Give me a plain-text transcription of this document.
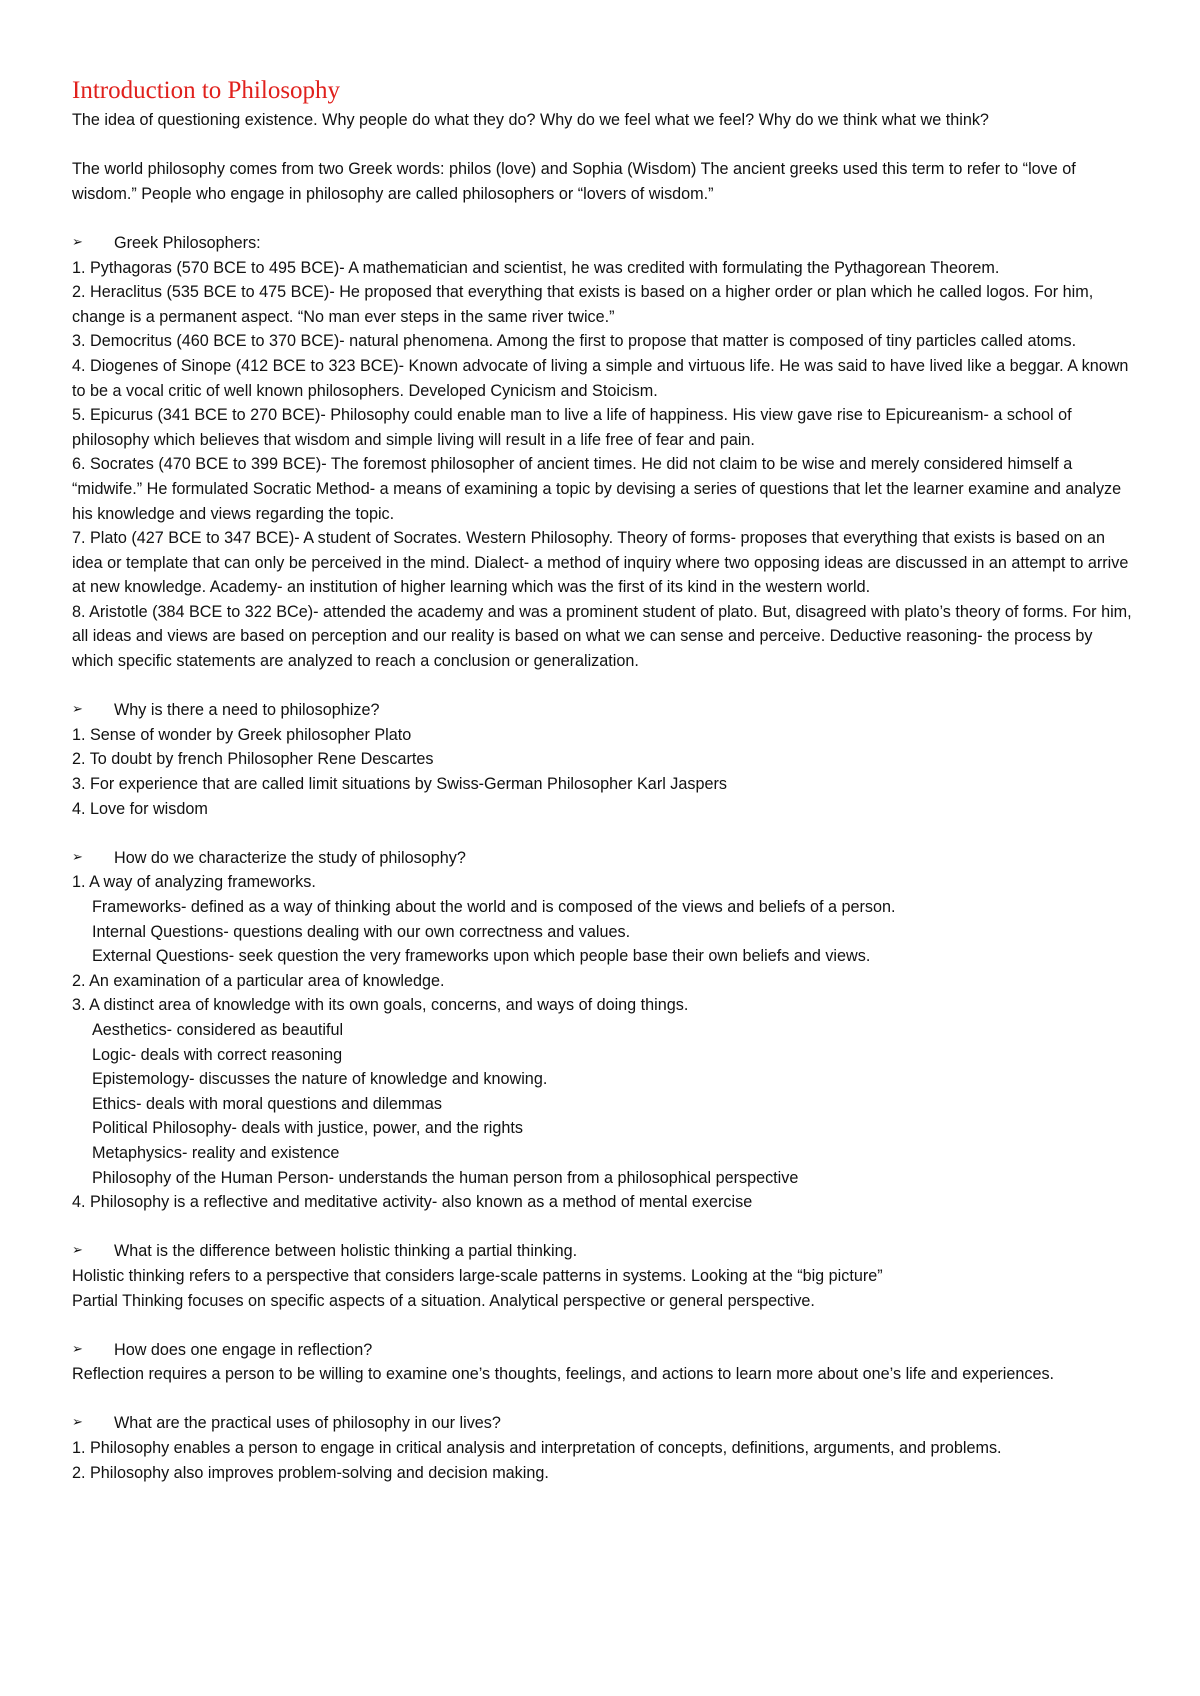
Introduction to Philosophy

The idea of questioning existence. Why people do what they do? Why do we feel what we feel? Why do we think what we think?

The world philosophy comes from two Greek words: philos (love) and Sophia (Wisdom) The ancient greeks used this term to refer to “love of wisdom.” People who engage in philosophy are called philosophers or “lovers of wisdom.”

➢	Greek Philosophers:

1. Pythagoras (570 BCE to 495 BCE)- A mathematician and scientist, he was credited with formulating the Pythagorean Theorem.

2. Heraclitus (535 BCE to 475 BCE)- He proposed that everything that exists is based on a higher order or plan which he called logos. For him, change is a permanent aspect. “No man ever steps in the same river twice.”

3. Democritus (460 BCE to 370 BCE)- natural phenomena. Among the first to propose that matter is composed of tiny particles called atoms.

4. Diogenes of Sinope (412 BCE to 323 BCE)- Known advocate of living a simple and virtuous life. He was said to have lived like a beggar. A known to be a vocal critic of well known philosophers. Developed Cynicism and Stoicism.

5. Epicurus (341 BCE to 270 BCE)- Philosophy could enable man to live a life of happiness. His view gave rise to Epicureanism- a school of philosophy which believes that wisdom and simple living will result in a life free of fear and pain.

6. Socrates (470 BCE to 399 BCE)- The foremost philosopher of ancient times. He did not claim to be wise and merely considered himself a “midwife.” He formulated Socratic Method- a means of examining a topic by devising a series of questions that let the learner examine and analyze his knowledge and views regarding the topic.

7. Plato (427 BCE to 347 BCE)- A student of Socrates. Western Philosophy. Theory of forms- proposes that everything that exists is based on an idea or template that can only be perceived in the mind. Dialect- a method of inquiry where two opposing ideas are discussed in an attempt to arrive at new knowledge. Academy- an institution of higher learning which was the first of its kind in the western world.

8. Aristotle (384 BCE to 322 BCe)- attended the academy and was a prominent student of plato. But, disagreed with plato’s theory of forms. For him, all ideas and views are based on perception and our reality is based on what we can sense and perceive. Deductive reasoning- the process by which specific statements are analyzed to reach a conclusion or generalization.

➢	Why is there a need to philosophize?

1. Sense of wonder by Greek philosopher Plato

2. To doubt by french Philosopher Rene Descartes

3. For experience that are called limit situations by Swiss-German Philosopher Karl Jaspers

4. Love for wisdom

➢	How do we characterize the study of philosophy?

1. A way of analyzing frameworks.

Frameworks- defined as a way of thinking about the world and is composed of the views and beliefs of a person.

Internal Questions- questions dealing with our own correctness and values.

External Questions- seek question the very frameworks upon which people base their own beliefs and views.

2. An examination of a particular area of knowledge.

3. A distinct area of knowledge with its own goals, concerns, and ways of doing things.

Aesthetics- considered as beautiful

Logic- deals with correct reasoning

Epistemology- discusses the nature of knowledge and knowing.

Ethics- deals with moral questions and dilemmas

Political Philosophy- deals with justice, power, and the rights

Metaphysics- reality and existence

Philosophy of the Human Person- understands the human person from a philosophical perspective

4. Philosophy is a reflective and meditative activity- also known as a method of mental exercise

➢	What is the difference between holistic thinking a partial thinking.

Holistic thinking refers to a perspective that considers large-scale patterns in systems. Looking at the “big picture”

Partial Thinking focuses on specific aspects of a situation. Analytical perspective or general perspective.

➢	How does one engage in reflection?

Reflection requires a person to be willing to examine one’s thoughts, feelings, and actions to learn more about one’s life and experiences.

➢	What are the practical uses of philosophy in our lives?

1. Philosophy enables a person to engage in critical analysis and interpretation of concepts, definitions, arguments, and problems.

2. Philosophy also improves problem-solving and decision making.
